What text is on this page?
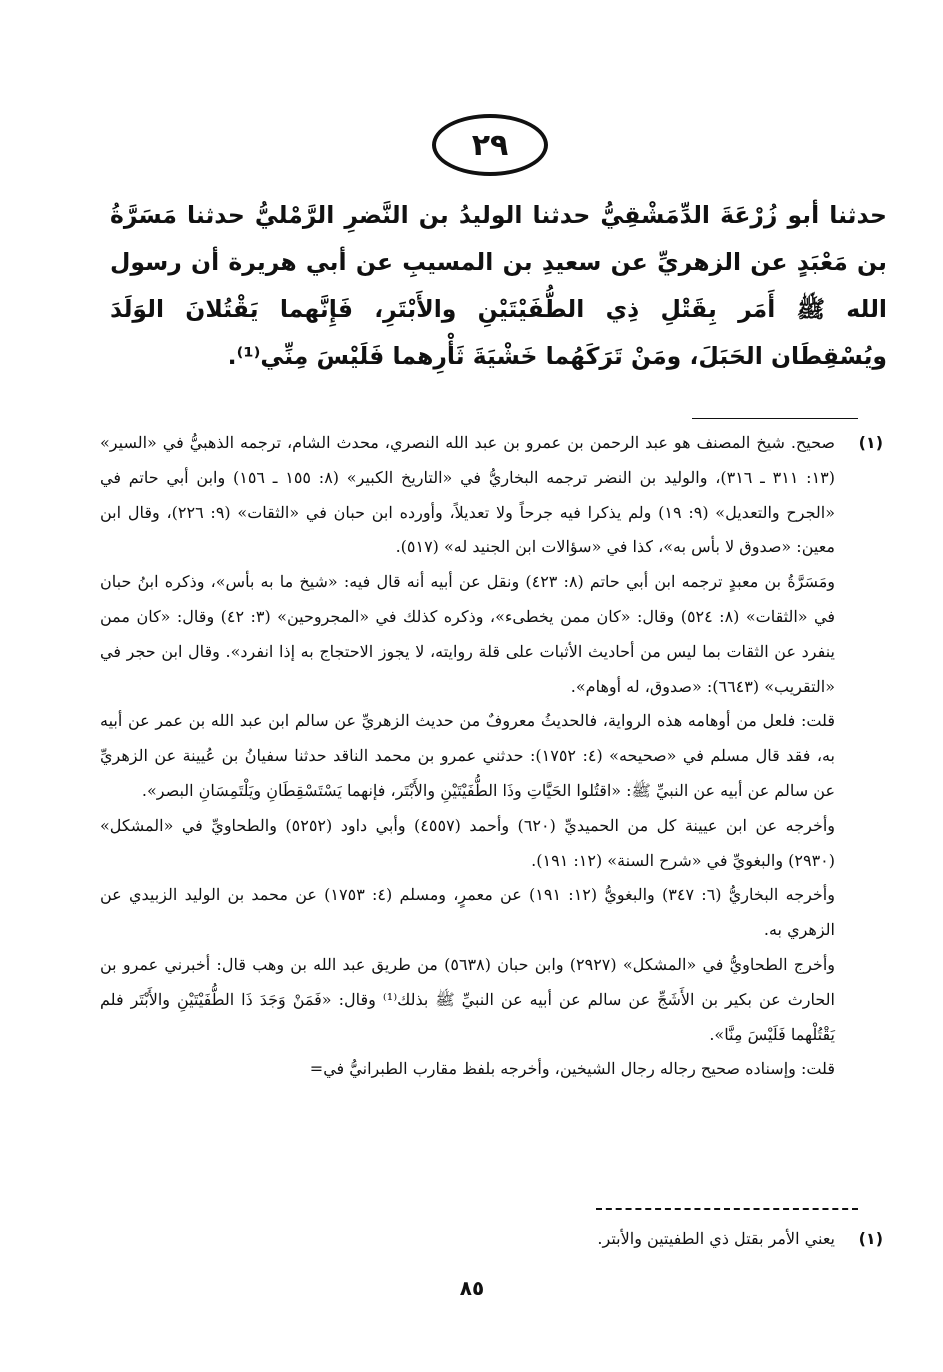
٢٩
حدثنا أبو زُرْعَةَ الدِّمَشْقِيُّ حدثنا الوليدُ بن النَّضرِ الرَّمْليُّ حدثنا مَسَرَّةُ بن مَعْبَدٍ عن الزهريِّ عن سعيدِ بن المسيبِ عن أبي هريرة أن رسول الله ﷺ أَمَر بِقَتْلِ ذِي الطُّفَيْتَيْنِ والأَبْتَرِ، فَإِنَّهما يَقْتُلانَ الوَلَدَ ويُسْقِطَان الحَبَلَ، ومَنْ تَرَكَهُما خَشْيَةَ ثَأْرِهما فَلَيْسَ مِنِّي⁽¹⁾.
(١)

صحيح. شيخ المصنف هو عبد الرحمن بن عمرو بن عبد الله النصري، محدث الشام، ترجمه الذهبيُّ في «السير» (١٣: ٣١١ ـ ٣١٦)، والوليد بن النضر ترجمه البخاريُّ في «التاريخ الكبير» (٨: ١٥٥ ـ ١٥٦) وابن أبي حاتم في «الجرح والتعديل» (٩: ١٩) ولم يذكرا فيه جرحاً ولا تعديلاً، وأورده ابن حبان في «الثقات» (٩: ٢٢٦)، وقال ابن معين: «صدوق لا بأس به»، كذا في «سؤالات ابن الجنيد له» (٥١٧).

ومَسَرَّةُ بن معبدٍ ترجمه ابن أبي حاتم (٨: ٤٢٣) ونقل عن أبيه أنه قال فيه: «شيخ ما به بأس»، وذكره ابنُ حبان في «الثقات» (٨: ٥٢٤) وقال: «كان ممن يخطىء»، وذكره كذلك في «المجروحين» (٣: ٤٢) وقال: «كان ممن ينفرد عن الثقات بما ليس من أحاديث الأثبات على قلة روايته، لا يجوز الاحتجاج به إذا انفرد». وقال ابن حجر في «التقريب» (٦٦٤٣): «صدوق، له أوهام».

قلت: فلعل من أوهامه هذه الرواية، فالحديثُ معروفٌ من حديث الزهريِّ عن سالم ابن عبد الله بن عمر عن أبيه به، فقد قال مسلم في «صحيحه» (٤: ١٧٥٢): حدثني عمرو بن محمد الناقد حدثنا سفيانُ بن عُيينة عن الزهريِّ عن سالم عن أبيه عن النبيِّ ﷺ: «اقتُلوا الحَيَّاتِ وذَا الطُّفَيْتَيْنِ والأَبْتَر، فإنهما يَسْتَسْقِطَانِ ويَلْتَمِسَانِ البصر».

وأخرجه عن ابن عيينة كل من الحميديِّ (٦٢٠) وأحمد (٤٥٥٧) وأبي داود (٥٢٥٢) والطحاويِّ في «المشكل» (٢٩٣٠) والبغويِّ في «شرح السنة» (١٢: ١٩١).

وأخرجه البخاريُّ (٦: ٣٤٧) والبغويُّ (١٢: ١٩١) عن معمرٍ، ومسلم (٤: ١٧٥٣) عن محمد بن الوليد الزبيدي عن الزهري به.

وأخرج الطحاويُّ في «المشكل» (٢٩٢٧) وابن حبان (٥٦٣٨) من طريق عبد الله بن وهب قال: أخبرني عمرو بن الحارث عن بكير بن الأَشَجِّ عن سالم عن أبيه عن النبيِّ ﷺ بذلك⁽¹⁾ وقال: «فَمَنْ وَجَدَ ذَا الطُّفَيْتَيْنِ والأَبْتَر فلم يَقْتُلْهما فَلَيْسَ مِنَّا».

قلت: وإسناده صحيح رجاله رجال الشيخين، وأخرجه بلفظ مقارب الطبرانيُّ في=

(١)
يعني الأمر بقتل ذي الطفيتين والأبتر.
٨٥
